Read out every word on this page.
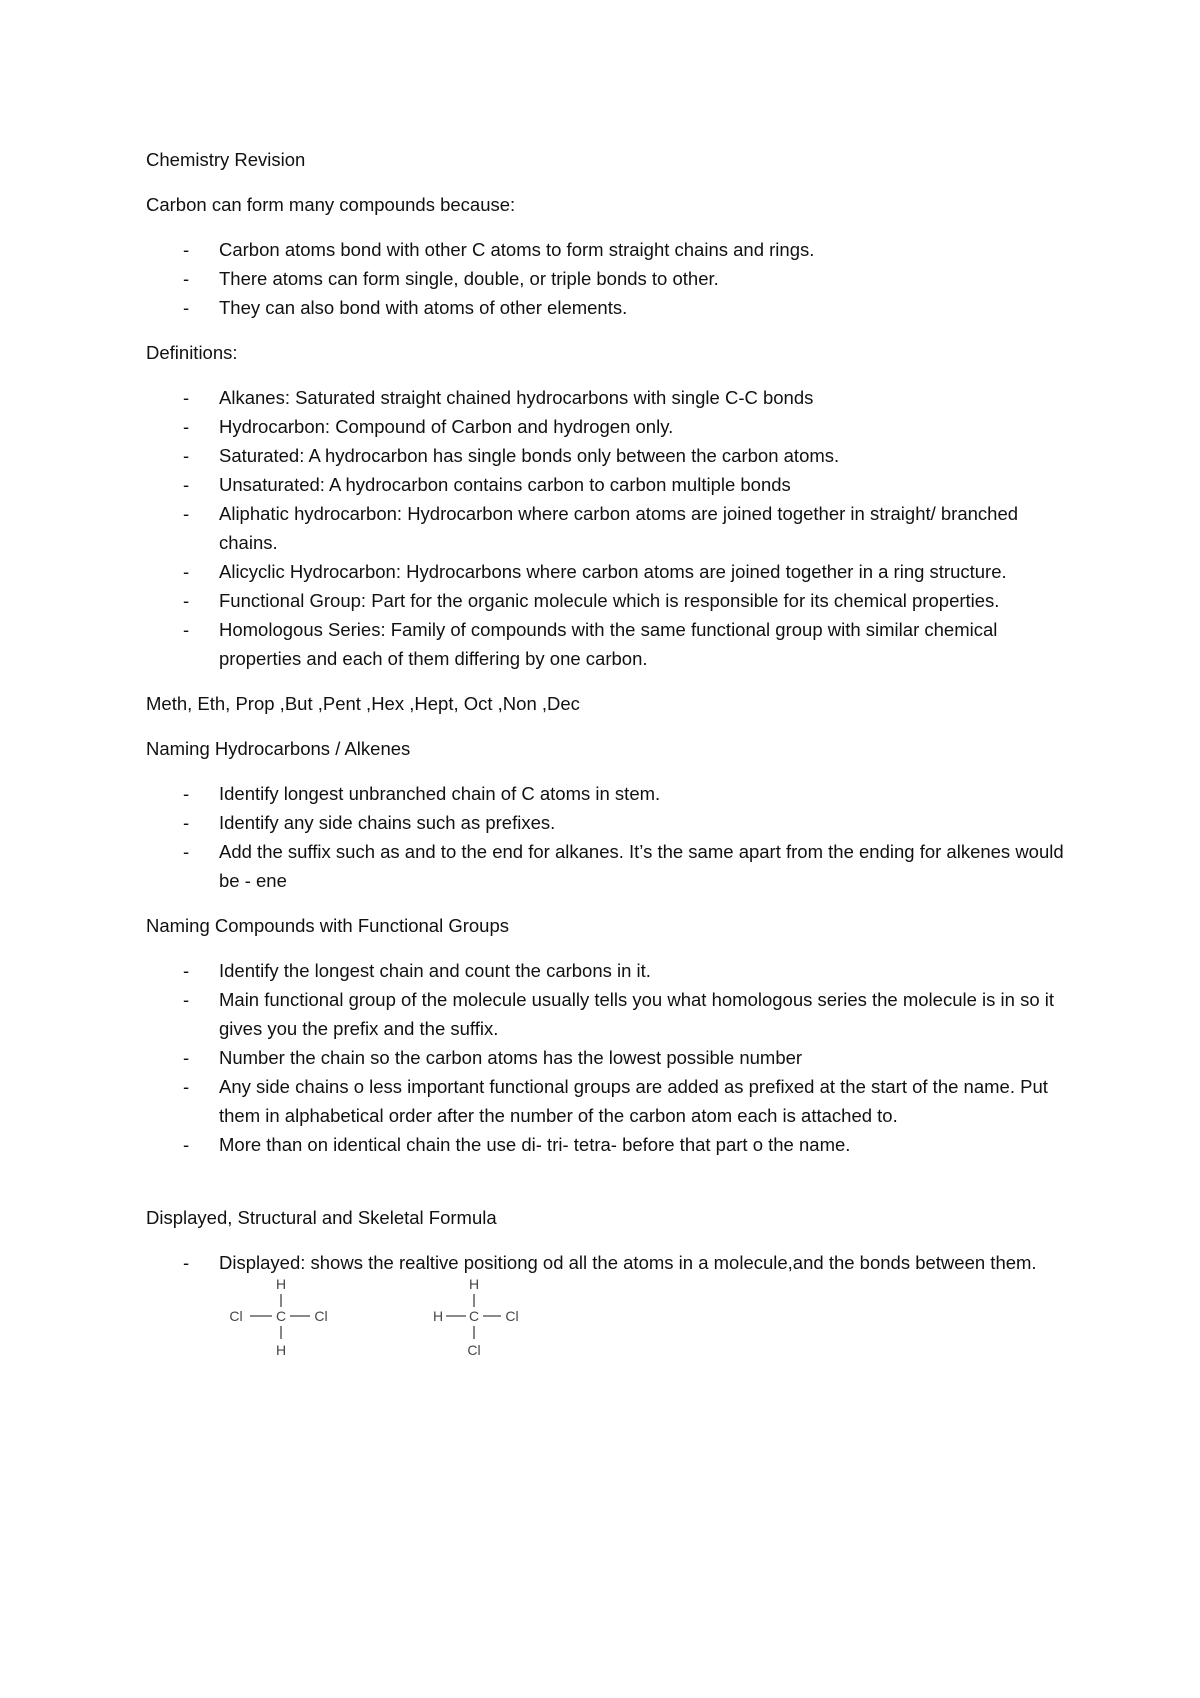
Chemistry Revision

Carbon can form many compounds because:

- Carbon atoms bond with other C atoms to form straight chains and rings.
- There atoms can form single, double, or triple bonds to other.
- They can also bond with atoms of other elements.

Definitions:

- Alkanes: Saturated straight chained hydrocarbons with single C-C bonds
- Hydrocarbon: Compound of Carbon and hydrogen only.
- Saturated: A hydrocarbon has single bonds only between the carbon atoms.
- Unsaturated: A hydrocarbon contains carbon to carbon multiple bonds
- Aliphatic hydrocarbon: Hydrocarbon where carbon atoms are joined together in straight/ branched chains.
- Alicyclic Hydrocarbon: Hydrocarbons where carbon atoms are joined together in a ring structure.
- Functional Group: Part for the organic molecule which is responsible for its chemical properties.
- Homologous Series: Family of compounds with the same functional group with similar chemical properties and each of them differing by one carbon.

Meth, Eth, Prop ,But ,Pent ,Hex ,Hept, Oct ,Non ,Dec

Naming Hydrocarbons / Alkenes

- Identify longest unbranched chain of C atoms in stem.
- Identify any side chains such as prefixes.
- Add the suffix such as and to the end for alkanes. It’s the same apart from the ending for alkenes would be - ene

Naming Compounds with Functional Groups

- Identify the longest chain and count the carbons in it.
- Main functional group of the molecule usually tells you what homologous series the molecule is in so it gives you the prefix and the suffix.
- Number the chain so the carbon atoms has the lowest possible number
- Any side chains o less important functional groups are added as prefixed at the start of the name. Put them in alphabetical order after the number of the carbon atom each is attached to.
- More than on identical chain the use di- tri- tetra- before that part o the name.

Displayed, Structural and Skeletal Formula

- Displayed: shows the realtive positiong od all the atoms in a molecule,and the bonds between them.
H
Cl C Cl
H
H
H C Cl
Cl
